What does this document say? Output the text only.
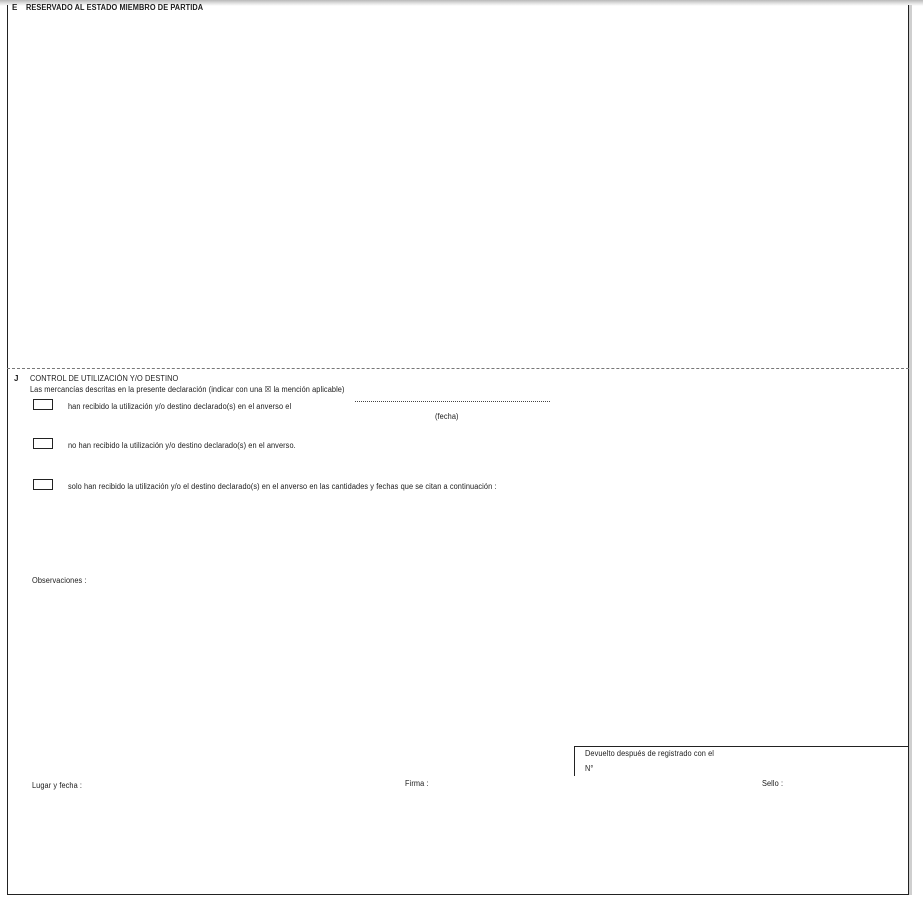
E RESERVADO AL ESTADO MIEMBRO DE PARTIDA
J CONTROL DE UTILIZACIÓN Y/O DESTINO
Las mercancías descritas en la presente declaración (indicar con una ☒ la mención aplicable)
han recibido la utilización y/o destino declarado(s) en el anverso el
(fecha)
no han recibido la utilización y/o destino declarado(s) en el anverso.
solo han recibido la utilización y/o el destino declarado(s) en el anverso en las cantidades y fechas que se citan a continuación :
Observaciones :
Devuelto después de registrado con el
N°
Lugar y fecha :	Firma :	Sello :
